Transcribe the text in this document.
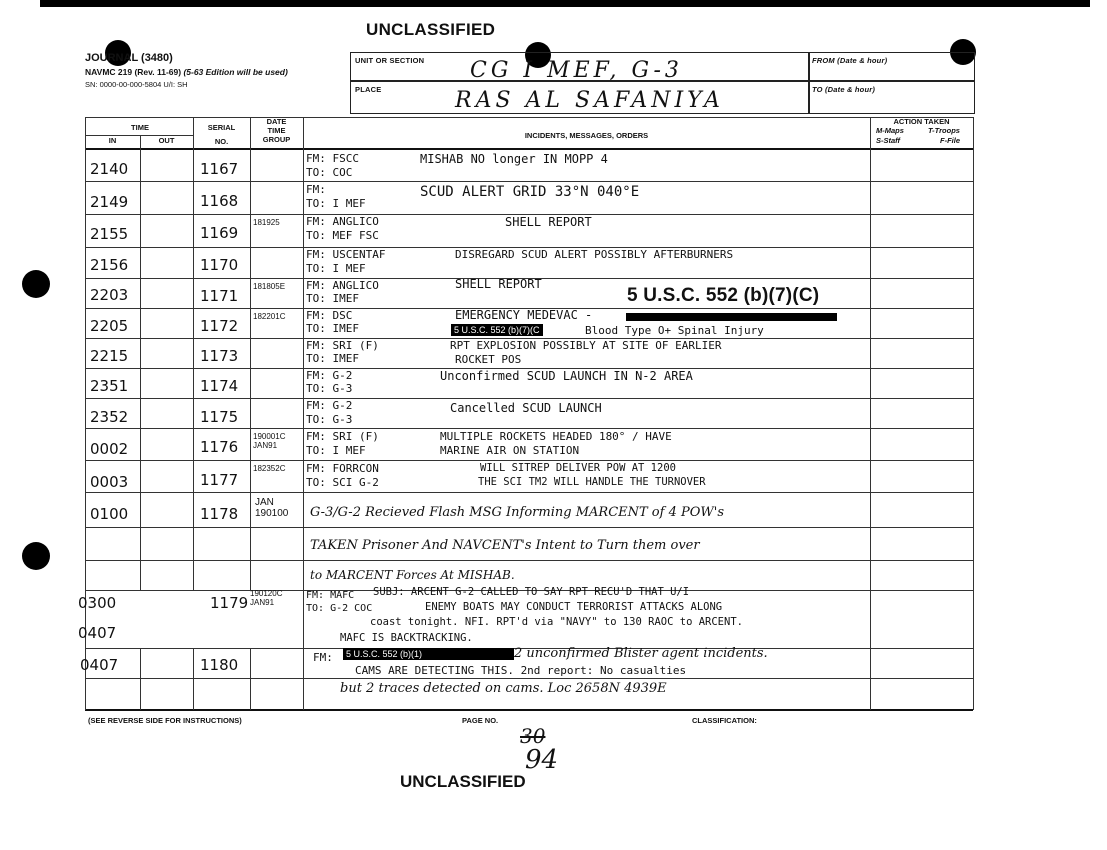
UNCLASSIFIED
JOURNAL (3480)
NAVMC 219 (Rev. 11-69) (5-63 Edition will be used)
SN: 0000-00-000-5804 U/I: SH
UNIT OR SECTION CG I MEF, G-3
PLACE	RAS AL SAFANIYA
FROM (Date & hour)
TO (Date & hour)
TIME
IN	OUT
SERIAL
NO.
DATE
TIME
GROUP	INCIDENTS, MESSAGES, ORDERS
ACTION TAKEN
M-Maps	T-Troops
S-Staff	F-File
2140	1167
FM: FSCC
TO: COC
MISHAB NO longer IN MOPP 4
2149	1168
FM:
TO: I MEF
SCUD ALERT GRID 33°N 040°E
2155	1169
181925 FM: ANGLICO
TO: MEF FSC
SHELL REPORT
2156	1170
FM: USCENTAF
TO: I MEF
DISREGARD SCUD ALERT POSSIBLY AFTERBURNERS
2203	1171
181805E FM: ANGLICO
TO: IMEF
SHELL REPORT
5 U.S.C. 552 (b)(7)(C)
2205	1172
182201C FM: DSC
TO: IMEF
EMERGENCY MEDEVAC -
5 U.S.C. 552 (b)(7)(C	Blood Type O+ Spinal Injury
2215	1173
FM: SRI (F)
TO: IMEF
RPT EXPLOSION POSSIBLY AT SITE OF EARLIER
ROCKET POS
2351	1174
FM: G-2
TO: G-3
Unconfirmed SCUD LAUNCH IN N-2 AREA
2352	1175
FM: G-2
TO: G-3
Cancelled SCUD LAUNCH
0002	1176
190001C JAN91
FM: SRI (F)
TO: I MEF
MULTIPLE ROCKETS HEADED 180° / HAVE
MARINE AIR ON STATION
0003	1177
182352C FM: FORRCON
TO: SCI G-2
WILL SITREP DELIVER POW AT 1200
THE SCI TM2 WILL HANDLE THE TURNOVER
0100	1178
JAN 190100	G-3/G-2 Recieved Flash MSG Informing MARCENT of 4 POW's
TAKEN Prisoner And NAVCENT's Intent to Turn them over
to MARCENT Forces At MISHAB.
0300
0407
1179
190120C JAN91
FM: MAFC
TO: G-2 COC
SUBJ: ARCENT G-2 CALLED TO SAY RPT RECU'D THAT U/I
ENEMY BOATS MAY CONDUCT TERRORIST ATTACKS ALONG
coast tonight. NFI. RPT'd via "NAVY" to 130 RAOC to ARCENT.
MAFC IS BACKTRACKING.
0407	1180	FM:	5 U.S.C. 552 (b)(1)	2 unconfirmed Blister agent incidents.
CAMS ARE DETECTING THIS. 2nd report: No casualties
but 2 traces detected on cams. Loc 2658N 4939E
(SEE REVERSE SIDE FOR INSTRUCTIONS)	PAGE NO.
30
94
CLASSIFICATION:
UNCLASSIFIED
